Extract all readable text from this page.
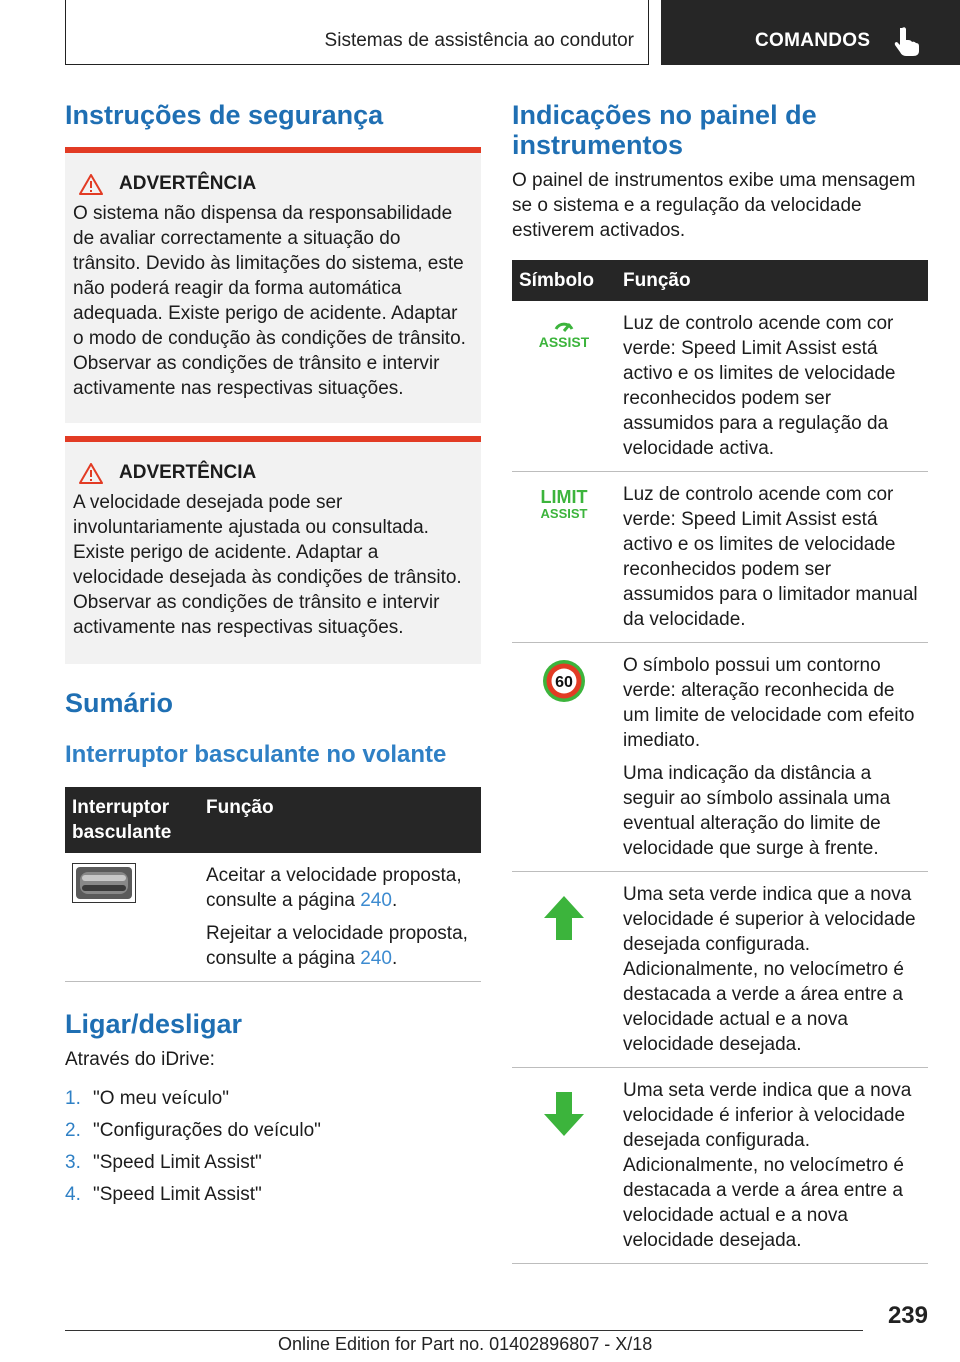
Sistemas de assistência ao condutor	COMANDOS
Instruções de segurança
ADVERTÊNCIA

O sistema não dispensa da responsabilidade de avaliar correctamente a situação do trânsito. Devido às limitações do sistema, este não poderá reagir da forma automática adequada. Existe perigo de acidente. Adaptar o modo de condução às condições de trânsito. Observar as condições de trânsito e intervir activamente nas respectivas situações.

ADVERTÊNCIA

A velocidade desejada pode ser involuntariamente ajustada ou consultada. Existe perigo de acidente. Adaptar a velocidade desejada às condições de trânsito. Observar as condições de trânsito e intervir activamente nas respectivas situações.

Sumário
Interruptor basculante no volante
Interruptor basculante	Função

Aceitar a velocidade proposta, consulte a página 240.

Rejeitar a velocidade proposta, consulte a página 240.

Ligar/desligar

Através do iDrive:

1. "O meu veículo"
2. "Configurações do veículo"
3. "Speed Limit Assist"
4. "Speed Limit Assist"
Indicações no painel de instrumentos

O painel de instrumentos exibe uma mensagem se o sistema e a regulação da velocidade estiverem activados.

Símbolo	Função

ASSIST	Luz de controlo acende com cor verde: Speed Limit Assist está activo e os limites de velocidade reconhecidos podem ser assumidos para a regulação da velocidade activa.

LIMIT
ASSIST	Luz de controlo acende com cor verde: Speed Limit Assist está activo e os limites de velocidade reconhecidos podem ser assumidos para o limitador manual da velocidade.

60	O símbolo possui um contorno verde: alteração reconhecida de um limite de velocidade com efeito imediato.

Uma indicação da distância a seguir ao símbolo assinala uma eventual alteração do limite de velocidade que surge à frente.

	Uma seta verde indica que a nova velocidade é superior à velocidade desejada configurada. Adicionalmente, no velocímetro é destacada a verde a área entre a velocidade actual e a nova velocidade desejada.

	Uma seta verde indica que a nova velocidade é inferior à velocidade desejada configurada. Adicionalmente, no velocímetro é destacada a verde a área entre a velocidade actual e a nova velocidade desejada.
239
Online Edition for Part no. 01402896807 - X/18
